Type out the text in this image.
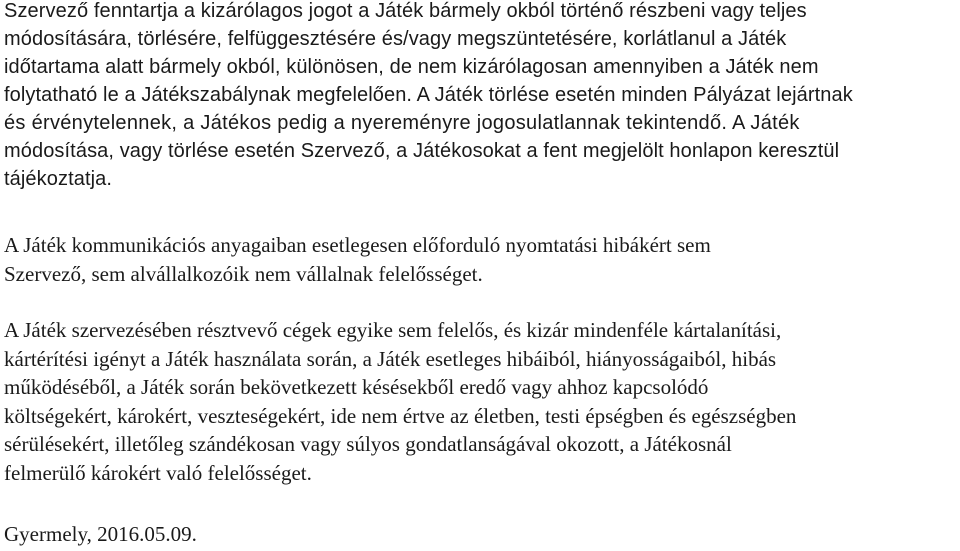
Szervező fenntartja a kizárólagos jogot a Játék bármely okból történő részbeni vagy teljes
módosítására, törlésére, felfüggesztésére és/vagy megszüntetésére, korlátlanul a Játék
időtartama alatt bármely okból, különösen, de nem kizárólagosan amennyiben a Játék nem
folytatható le a Játékszabálynak megfelelően. A Játék törlése esetén minden Pályázat lejártnak
és érvénytelennek, a Játékos pedig a nyereményre jogosulatlannak tekintendő. A Játék
módosítása, vagy törlése esetén Szervező, a Játékosokat a fent megjelölt honlapon keresztül
tájékoztatja.

A Játék kommunikációs anyagaiban esetlegesen előforduló nyomtatási hibákért sem
Szervező, sem alvállalkozóik nem vállalnak felelősséget.

A Játék szervezésében résztvevő cégek egyike sem felelős, és kizár mindenféle kártalanítási,
kártérítési igényt a Játék használata során, a Játék esetleges hibáiból, hiányosságaiból, hibás
működéséből, a Játék során bekövetkezett késésekből eredő vagy ahhoz kapcsolódó
költségekért, károkért, veszteségekért, ide nem értve az életben, testi épségben és egészségben
sérülésekért, illetőleg szándékosan vagy súlyos gondatlanságával okozott, a Játékosnál
felmerülő károkért való felelősséget.

Gyermely, 2016.05.09.
